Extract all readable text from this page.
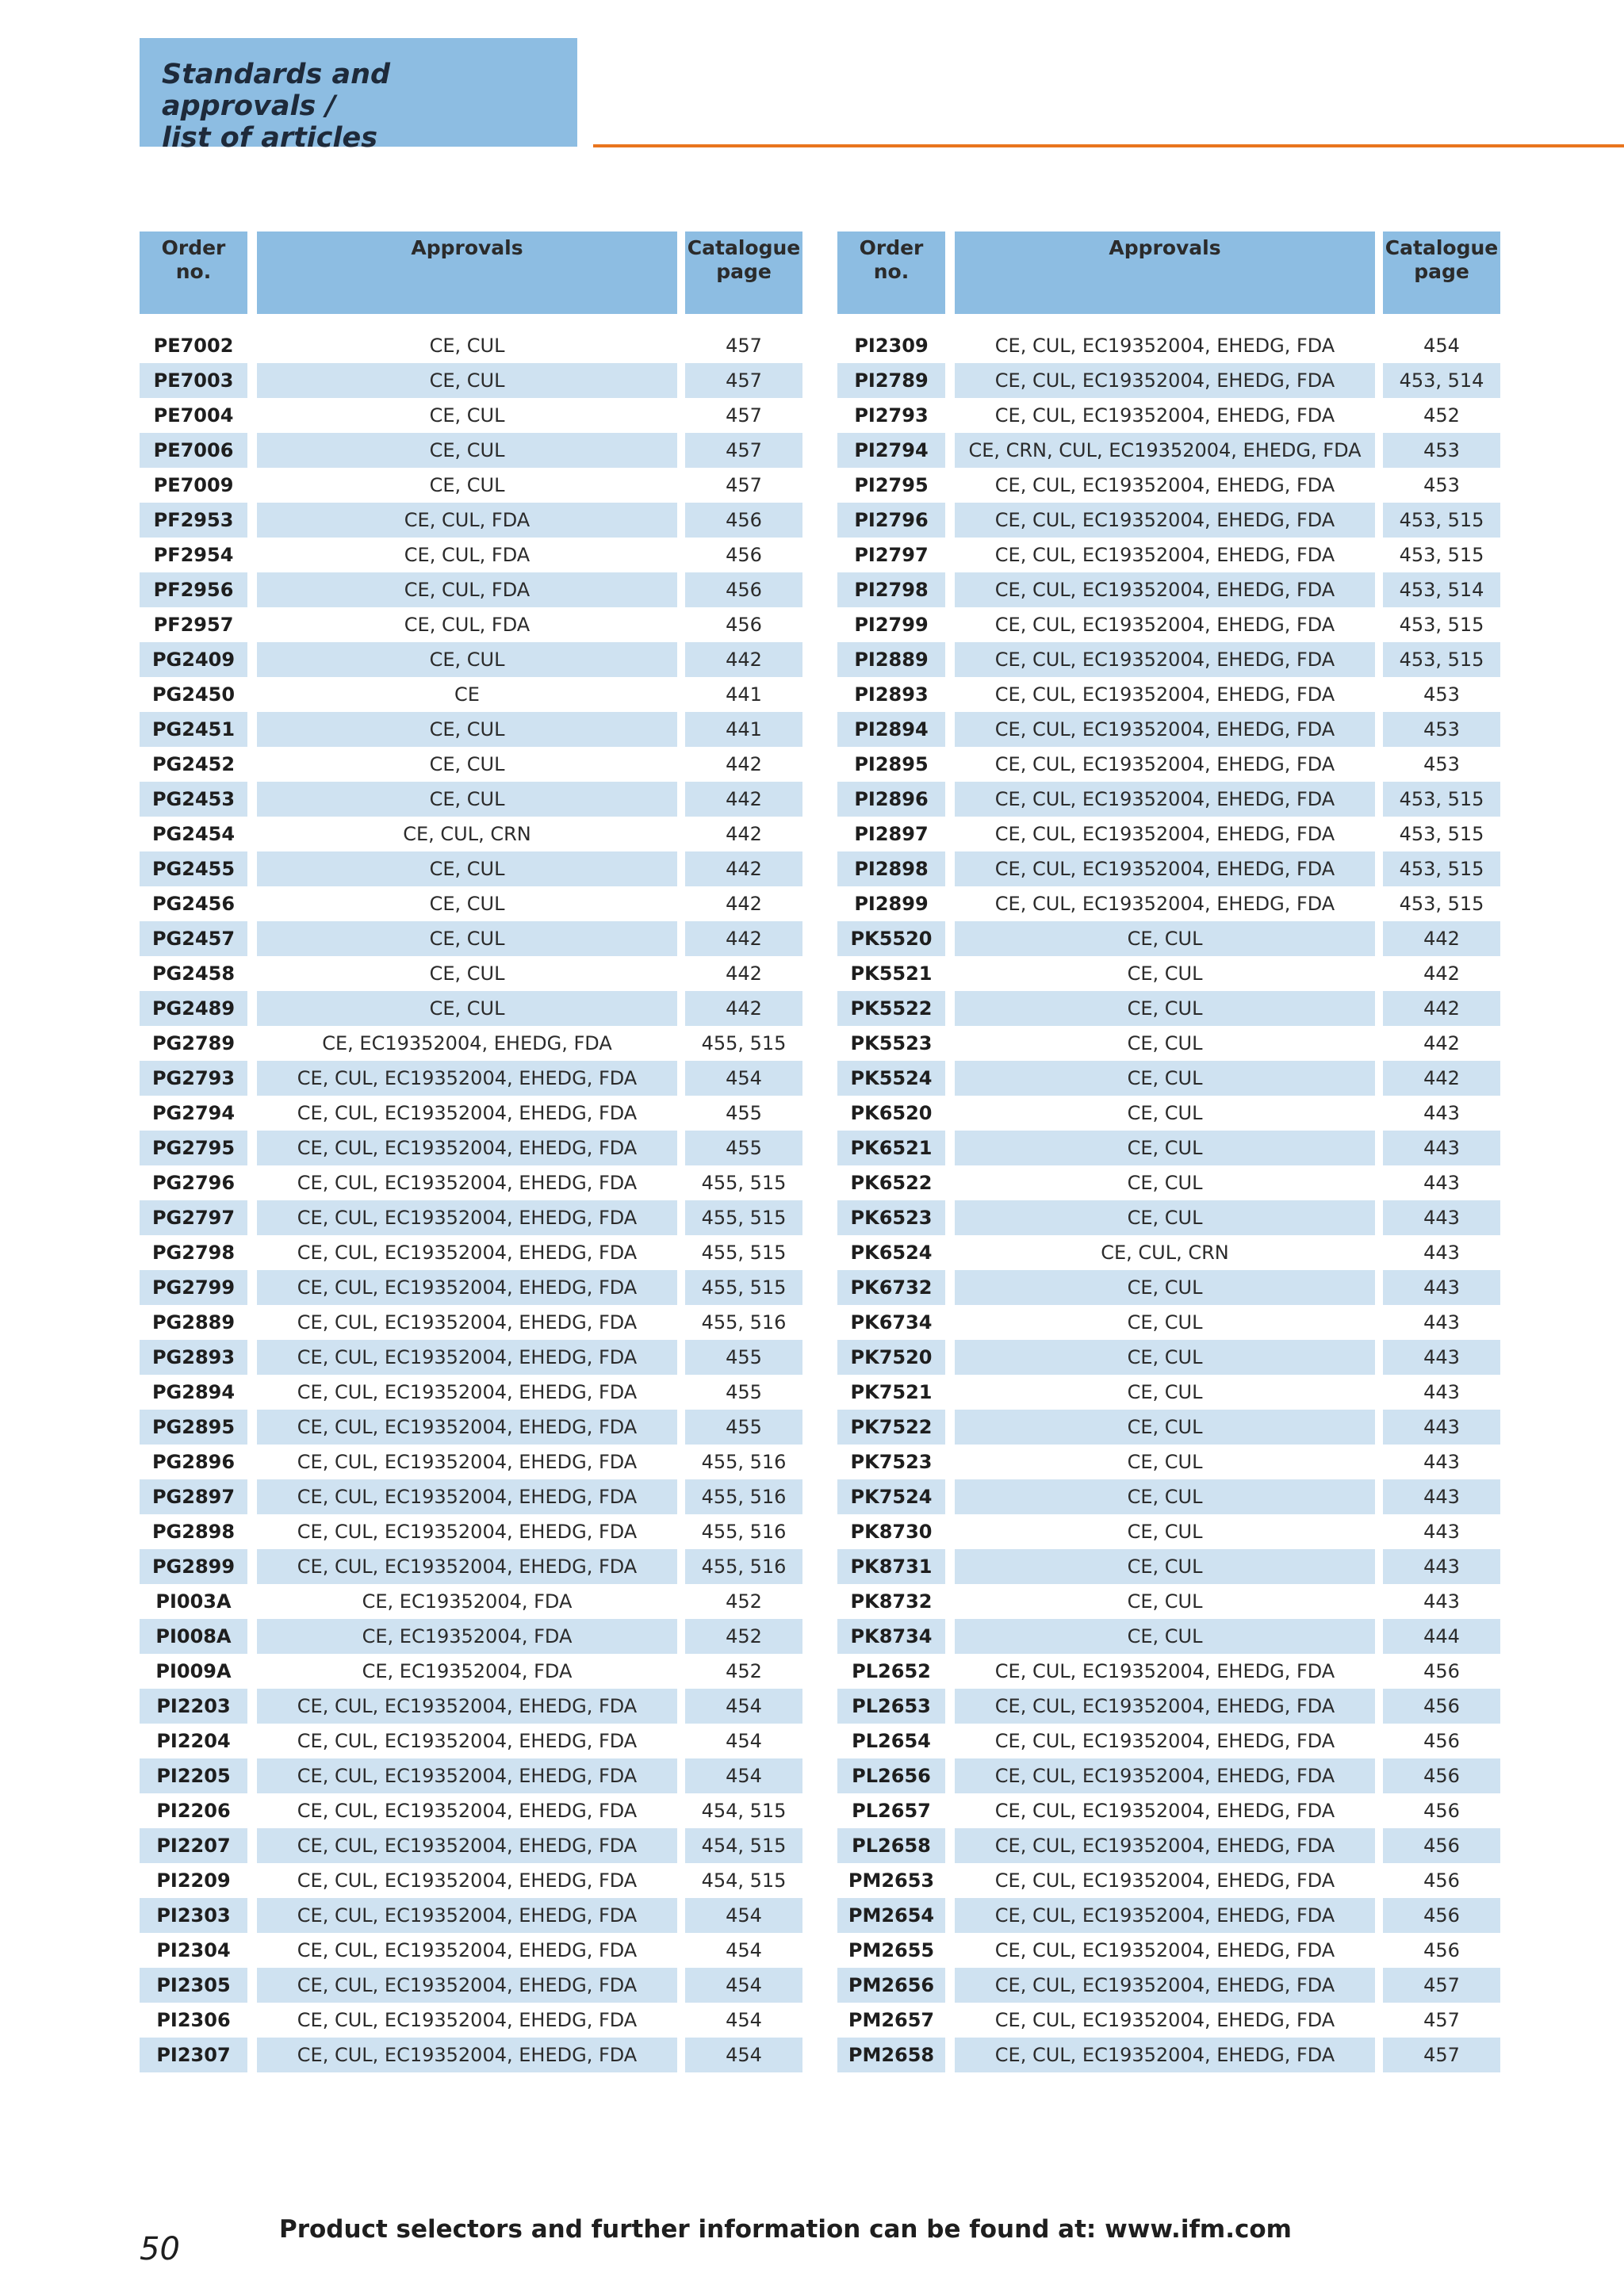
Standards and approvals /
list of articles
Order
no.		Approvals		Catalogue
page

PE7002		CE, CUL		457
PE7003		CE, CUL		457
PE7004		CE, CUL		457
PE7006		CE, CUL		457
PE7009		CE, CUL		457
PF2953		CE, CUL, FDA		456
PF2954		CE, CUL, FDA		456
PF2956		CE, CUL, FDA		456
PF2957		CE, CUL, FDA		456
PG2409		CE, CUL		442
PG2450		CE		441
PG2451		CE, CUL		441
PG2452		CE, CUL		442
PG2453		CE, CUL		442
PG2454		CE, CUL, CRN		442
PG2455		CE, CUL		442
PG2456		CE, CUL		442
PG2457		CE, CUL		442
PG2458		CE, CUL		442
PG2489		CE, CUL		442
PG2789		CE, EC19352004, EHEDG, FDA		455, 515
PG2793		CE, CUL, EC19352004, EHEDG, FDA		454
PG2794		CE, CUL, EC19352004, EHEDG, FDA		455
PG2795		CE, CUL, EC19352004, EHEDG, FDA		455
PG2796		CE, CUL, EC19352004, EHEDG, FDA		455, 515
PG2797		CE, CUL, EC19352004, EHEDG, FDA		455, 515
PG2798		CE, CUL, EC19352004, EHEDG, FDA		455, 515
PG2799		CE, CUL, EC19352004, EHEDG, FDA		455, 515
PG2889		CE, CUL, EC19352004, EHEDG, FDA		455, 516
PG2893		CE, CUL, EC19352004, EHEDG, FDA		455
PG2894		CE, CUL, EC19352004, EHEDG, FDA		455
PG2895		CE, CUL, EC19352004, EHEDG, FDA		455
PG2896		CE, CUL, EC19352004, EHEDG, FDA		455, 516
PG2897		CE, CUL, EC19352004, EHEDG, FDA		455, 516
PG2898		CE, CUL, EC19352004, EHEDG, FDA		455, 516
PG2899		CE, CUL, EC19352004, EHEDG, FDA		455, 516
PI003A		CE, EC19352004, FDA		452
PI008A		CE, EC19352004, FDA		452
PI009A		CE, EC19352004, FDA		452
PI2203		CE, CUL, EC19352004, EHEDG, FDA		454
PI2204		CE, CUL, EC19352004, EHEDG, FDA		454
PI2205		CE, CUL, EC19352004, EHEDG, FDA		454
PI2206		CE, CUL, EC19352004, EHEDG, FDA		454, 515
PI2207		CE, CUL, EC19352004, EHEDG, FDA		454, 515
PI2209		CE, CUL, EC19352004, EHEDG, FDA		454, 515
PI2303		CE, CUL, EC19352004, EHEDG, FDA		454
PI2304		CE, CUL, EC19352004, EHEDG, FDA		454
PI2305		CE, CUL, EC19352004, EHEDG, FDA		454
PI2306		CE, CUL, EC19352004, EHEDG, FDA		454
PI2307		CE, CUL, EC19352004, EHEDG, FDA		454
Order
no.		Approvals		Catalogue
page

PI2309		CE, CUL, EC19352004, EHEDG, FDA		454
PI2789		CE, CUL, EC19352004, EHEDG, FDA		453, 514
PI2793		CE, CUL, EC19352004, EHEDG, FDA		452
PI2794		CE, CRN, CUL, EC19352004, EHEDG, FDA		453
PI2795		CE, CUL, EC19352004, EHEDG, FDA		453
PI2796		CE, CUL, EC19352004, EHEDG, FDA		453, 515
PI2797		CE, CUL, EC19352004, EHEDG, FDA		453, 515
PI2798		CE, CUL, EC19352004, EHEDG, FDA		453, 514
PI2799		CE, CUL, EC19352004, EHEDG, FDA		453, 515
PI2889		CE, CUL, EC19352004, EHEDG, FDA		453, 515
PI2893		CE, CUL, EC19352004, EHEDG, FDA		453
PI2894		CE, CUL, EC19352004, EHEDG, FDA		453
PI2895		CE, CUL, EC19352004, EHEDG, FDA		453
PI2896		CE, CUL, EC19352004, EHEDG, FDA		453, 515
PI2897		CE, CUL, EC19352004, EHEDG, FDA		453, 515
PI2898		CE, CUL, EC19352004, EHEDG, FDA		453, 515
PI2899		CE, CUL, EC19352004, EHEDG, FDA		453, 515
PK5520		CE, CUL		442
PK5521		CE, CUL		442
PK5522		CE, CUL		442
PK5523		CE, CUL		442
PK5524		CE, CUL		442
PK6520		CE, CUL		443
PK6521		CE, CUL		443
PK6522		CE, CUL		443
PK6523		CE, CUL		443
PK6524		CE, CUL, CRN		443
PK6732		CE, CUL		443
PK6734		CE, CUL		443
PK7520		CE, CUL		443
PK7521		CE, CUL		443
PK7522		CE, CUL		443
PK7523		CE, CUL		443
PK7524		CE, CUL		443
PK8730		CE, CUL		443
PK8731		CE, CUL		443
PK8732		CE, CUL		443
PK8734		CE, CUL		444
PL2652		CE, CUL, EC19352004, EHEDG, FDA		456
PL2653		CE, CUL, EC19352004, EHEDG, FDA		456
PL2654		CE, CUL, EC19352004, EHEDG, FDA		456
PL2656		CE, CUL, EC19352004, EHEDG, FDA		456
PL2657		CE, CUL, EC19352004, EHEDG, FDA		456
PL2658		CE, CUL, EC19352004, EHEDG, FDA		456
PM2653		CE, CUL, EC19352004, EHEDG, FDA		456
PM2654		CE, CUL, EC19352004, EHEDG, FDA		456
PM2655		CE, CUL, EC19352004, EHEDG, FDA		456
PM2656		CE, CUL, EC19352004, EHEDG, FDA		457
PM2657		CE, CUL, EC19352004, EHEDG, FDA		457
PM2658		CE, CUL, EC19352004, EHEDG, FDA		457
Product selectors and further information can be found at: www.ifm.com
50
